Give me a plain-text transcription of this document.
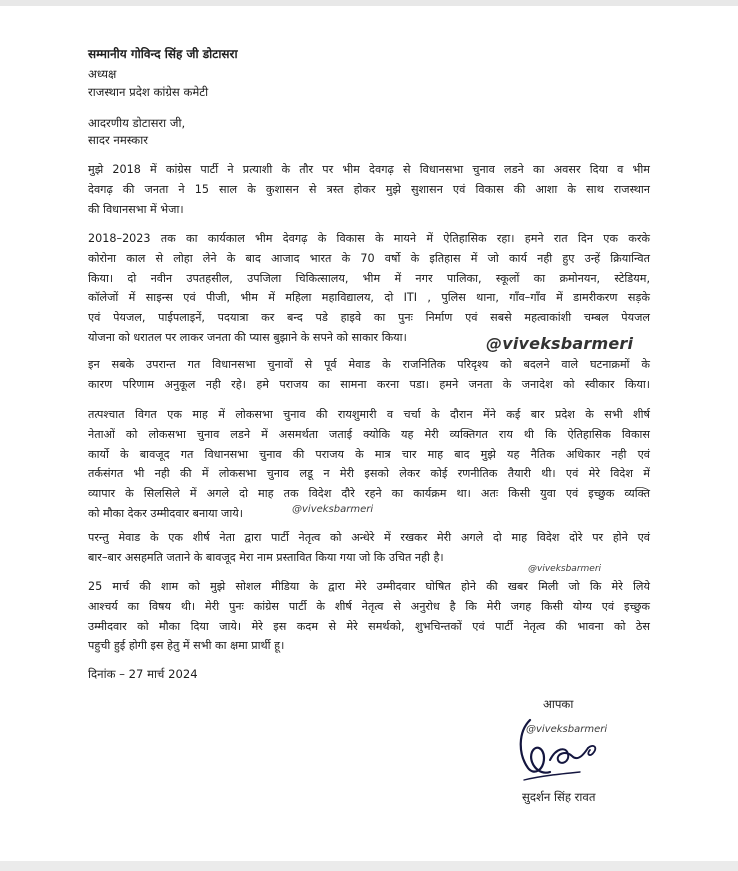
सम्मानीय गोविन्द सिंह जी डोटासरा
अध्यक्ष
राजस्थान प्रदेश कांग्रेस कमेटी
आदरणीय डोटासरा जी,
सादर नमस्कार
मुझे 2018 में कांग्रेस पार्टी ने प्रत्याशी के तौर पर भीम देवगढ़ से विधानसभा चुनाव लडने का अवसर दिया व भीम
देवगढ़ की जनता ने 15 साल के कुशासन से त्रस्त होकर मुझे सुशासन एवं विकास की आशा के साथ राजस्थान
की विधानसभा में भेजा।
2018–2023 तक का कार्यकाल भीम देवगढ़ के विकास के मायने में ऐतिहासिक रहा। हमने रात दिन एक करके
कोरोना काल से लोहा लेने के बाद आजाद भारत के 70 वर्षो के इतिहास में जो कार्य नही हुए उन्हें क्रियान्वित
किया। दो नवीन उपतहसील, उपजिला चिकित्सालय, भीम में नगर पालिका, स्कूलों का क्रमोनयन, स्टेडियम,
कॉलेजों में साइन्स एवं पीजी, भीम में महिला महाविद्यालय, दो ITI , पुलिस थाना, गाँव–गाँव में डामरीकरण सड़के
एवं पेयजल, पाईपलाइनें, पदयात्रा कर बन्द पडे हाइवे का पुनः निर्माण एवं सबसे महत्वाकांशी चम्बल पेयजल
योजना को धरातल पर लाकर जनता की प्यास बुझाने के सपने को साकार किया।	@viveksbarmeri
इन सबके उपरान्त गत विधानसभा चुनावों से पूर्व मेवाड के राजनितिक परिदृश्य को बदलने वाले घटनाक्रमों के
कारण परिणाम अनुकूल नही रहे। हमे पराजय का सामना करना पडा। हमने जनता के जनादेश को स्वीकार किया।
तत्पश्चात विगत एक माह में लोकसभा चुनाव की रायशुमारी व चर्चा के दौरान मेंने कई बार प्रदेश के सभी शीर्ष
नेताओं को लोकसभा चुनाव लडने में असमर्थता जताई क्योकि यह मेरी व्यक्तिगत राय थी कि ऐतिहासिक विकास
कार्यो के बावजूद गत विधानसभा चुनाव की पराजय के मात्र चार माह बाद मुझे यह नैतिक अधिकार नही एवं
तर्कसंगत भी नही की में लोकसभा चुनाव लडू न मेरी इसको लेकर कोई रणनीतिक तैयारी थी। एवं मेरे विदेश में
व्यापार के सिलसिले में अगले दो माह तक विदेश दौरे रहने का कार्यक्रम था। अतः किसी युवा एवं इच्छुक व्यक्ति
को मौका देकर उम्मीदवार बनाया जाये।	@viveksbarmeri
परन्तु मेवाड के एक शीर्ष नेता द्वारा पार्टी नेतृत्व को अन्धेरे में रखकर मेरी अगले दो माह विदेश दोरे पर होने एवं
बार–बार असहमति जताने के बावजूद मेरा नाम प्रस्तावित किया गया जो कि उचित नही है।
@viveksbarmeri
25 मार्च की शाम को मुझे सोशल मीडिया के द्वारा मेरे उम्मीदवार घोषित होने की खबर मिली जो कि मेरे लिये
आश्चर्य का विषय थी। मेरी पुनः कांग्रेस पार्टी के शीर्ष नेतृत्व से अनुरोध है कि मेरी जगह किसी योग्य एवं इच्छुक
उम्मीदवार को मौका दिया जाये। मेरे इस कदम से मेरे समर्थको, शुभचिन्तकों एवं पार्टी नेतृत्व की भावना को ठेस
पहुची हुई होगी इस हेतु में सभी का क्षमा प्रार्थी हू।
दिनांक – 27 मार्च 2024
आपका
@viveksbarmeri
सुदर्शन सिंह रावत
